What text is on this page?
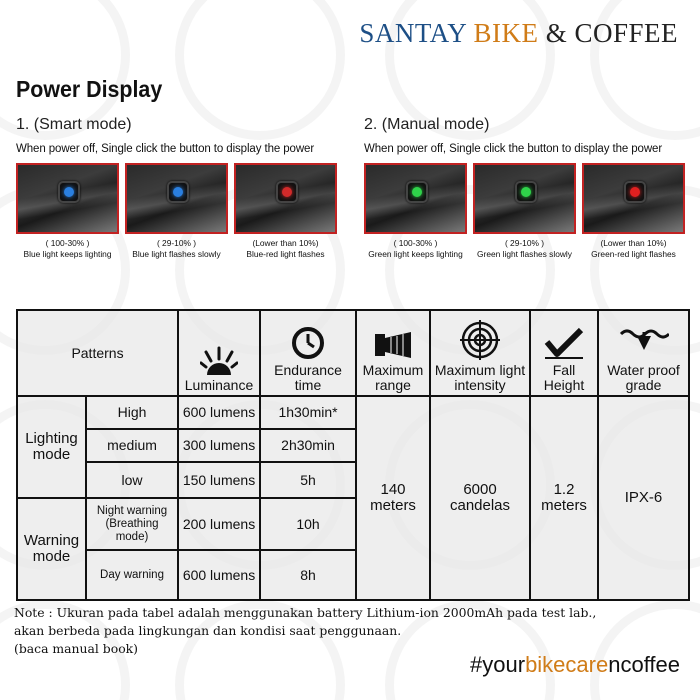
SANTAY BIKE & COFFEE
Power Display
1. (Smart mode)
When power off, Single click the button to display the power
( 100-30% )
Blue light keeps lighting
( 29-10% )
Blue light flashes slowly
(Lower than 10%)
Blue-red light flashes
2. (Manual mode)
When power off, Single click the button to display the power
( 100-30% )
Green light keeps lighting
( 29-10% )
Green light flashes slowly
(Lower than 10%)
Green-red light flashes
Patterns		Luminance	Endurance time	Maximum range	Maximum light intensity	Fall Height	Water proof grade
Lighting mode	High	600 lumens	1h30min*	140 meters	6000 candelas	1.2 meters	IPX-6
	medium	300 lumens	2h30min				
	low	150 lumens	5h				
Warning mode	Night warning (Breathing mode)	200 lumens	10h				
	Day warning	600 lumens	8h				
Note : Ukuran pada tabel adalah menggunakan battery Lithium-ion 2000mAh pada test lab.,
akan berbeda pada lingkungan dan kondisi saat penggunaan.
(baca manual book)
#yourbikecarencoffee
